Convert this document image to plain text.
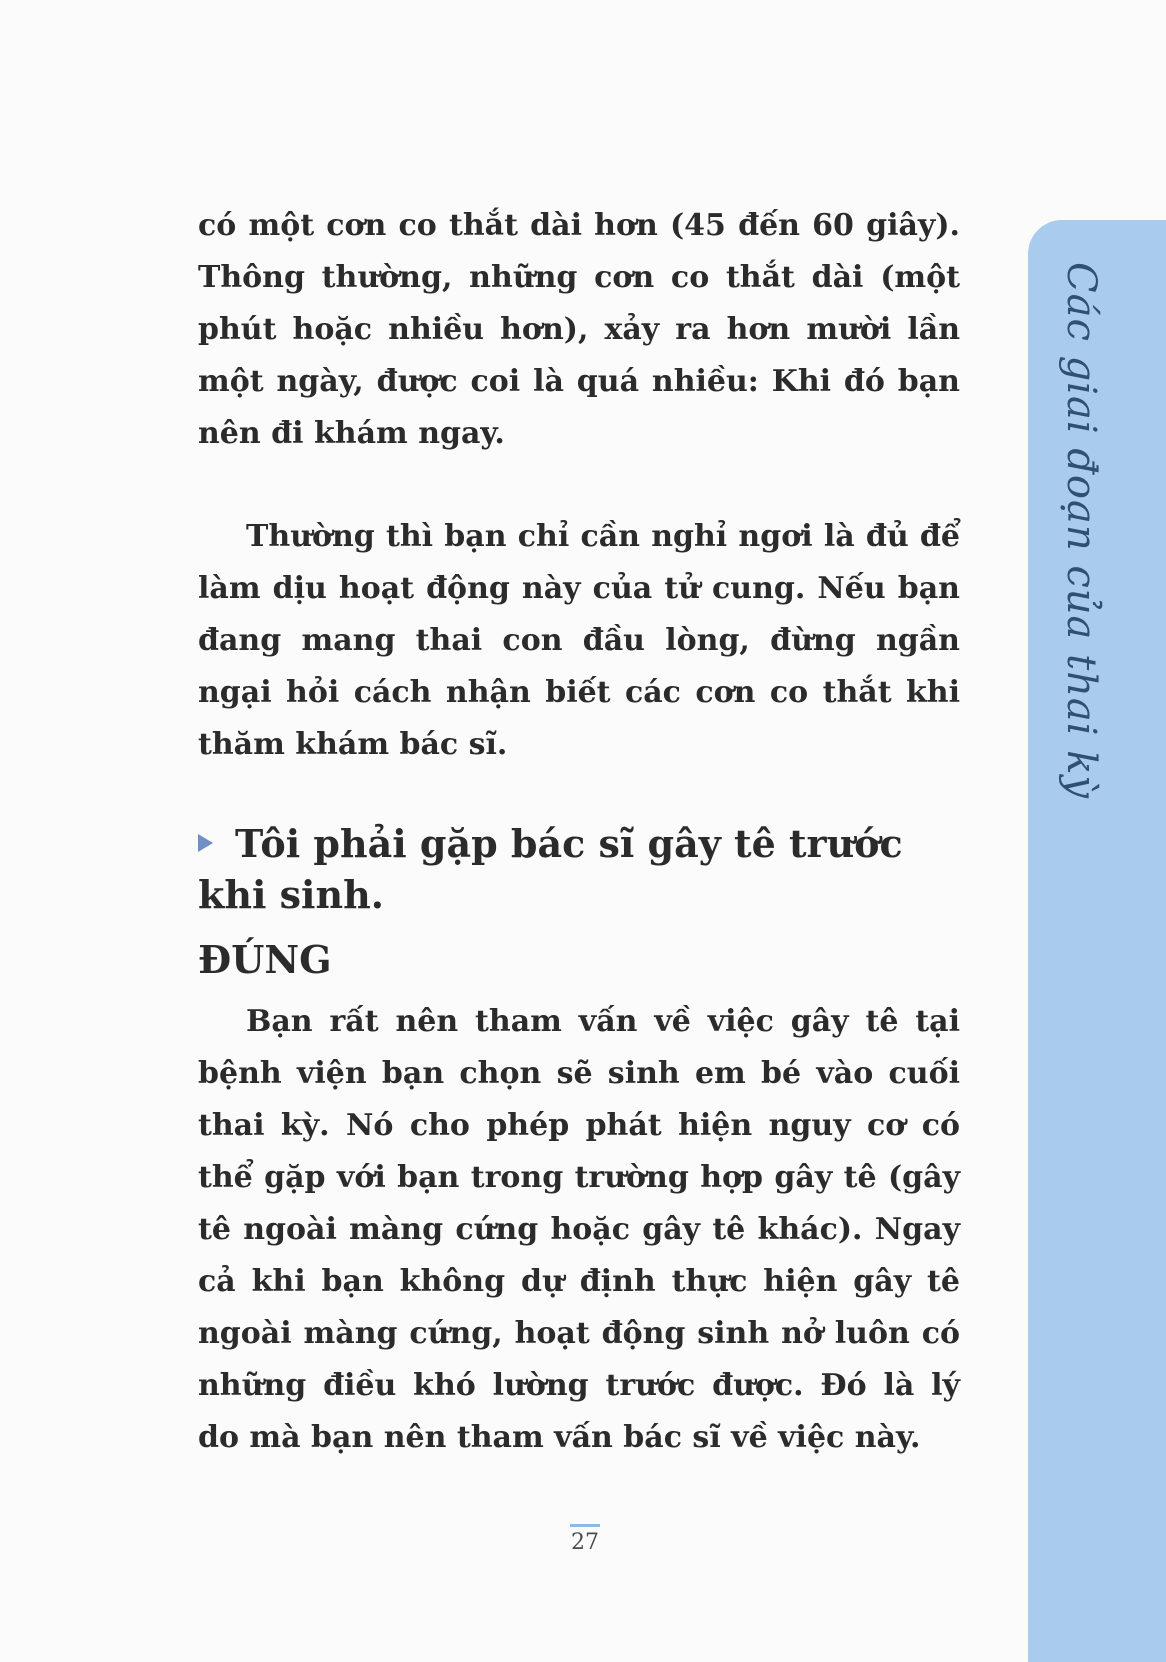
Các giai đoạn của thai kỳ

có một cơn co thắt dài hơn (45 đến 60 giây). Thông thường, những cơn co thắt dài (một phút hoặc nhiều hơn), xảy ra hơn mười lần một ngày, được coi là quá nhiều: Khi đó bạn nên đi khám ngay.

Thường thì bạn chỉ cần nghỉ ngơi là đủ để làm dịu hoạt động này của tử cung. Nếu bạn đang mang thai con đầu lòng, đừng ngần ngại hỏi cách nhận biết các cơn co thắt khi thăm khám bác sĩ.

Tôi phải gặp bác sĩ gây tê trước khi sinh.
ĐÚNG

Bạn rất nên tham vấn về việc gây tê tại bệnh viện bạn chọn sẽ sinh em bé vào cuối thai kỳ. Nó cho phép phát hiện nguy cơ có thể gặp với bạn trong trường hợp gây tê (gây tê ngoài màng cứng hoặc gây tê khác). Ngay cả khi bạn không dự định thực hiện gây tê ngoài màng cứng, hoạt động sinh nở luôn có những điều khó lường trước được. Đó là lý do mà bạn nên tham vấn bác sĩ về việc này.

27
